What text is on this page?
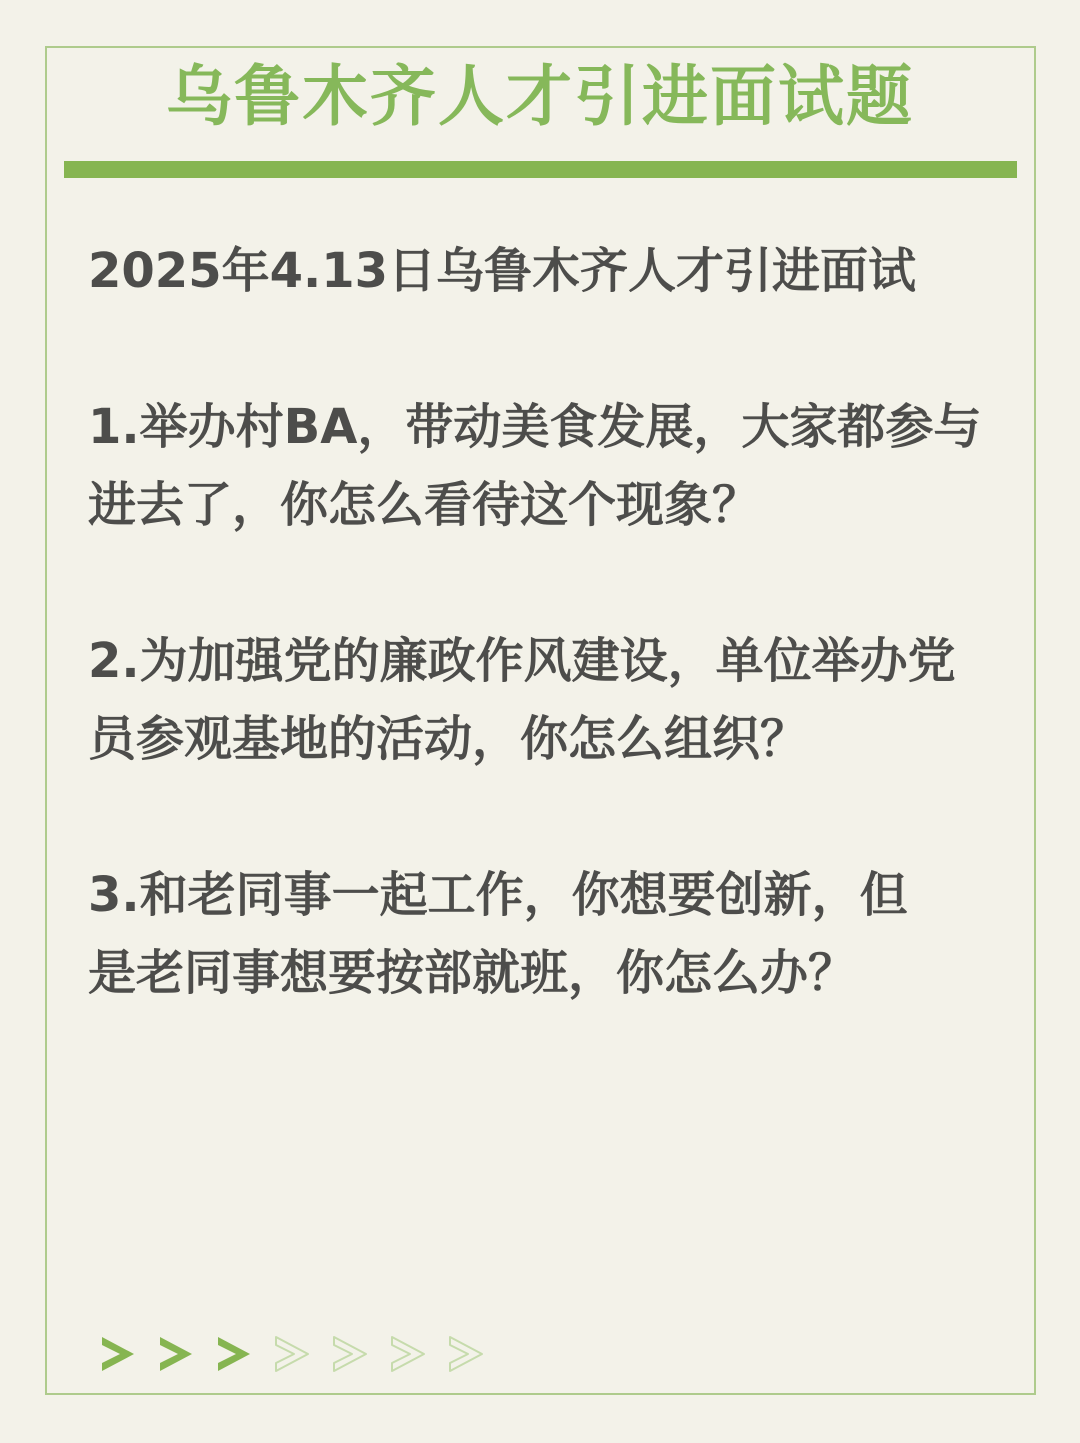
乌鲁木齐人才引进面试题

2025年4.13日乌鲁木齐人才引进面试

1.举办村BA，带动美食发展，大家都参与进去了，你怎么看待这个现象？

2.为加强党的廉政作风建设，单位举办党员参观基地的活动，你怎么组织？

3.和老同事一起工作，你想要创新，但是老同事想要按部就班，你怎么办？
